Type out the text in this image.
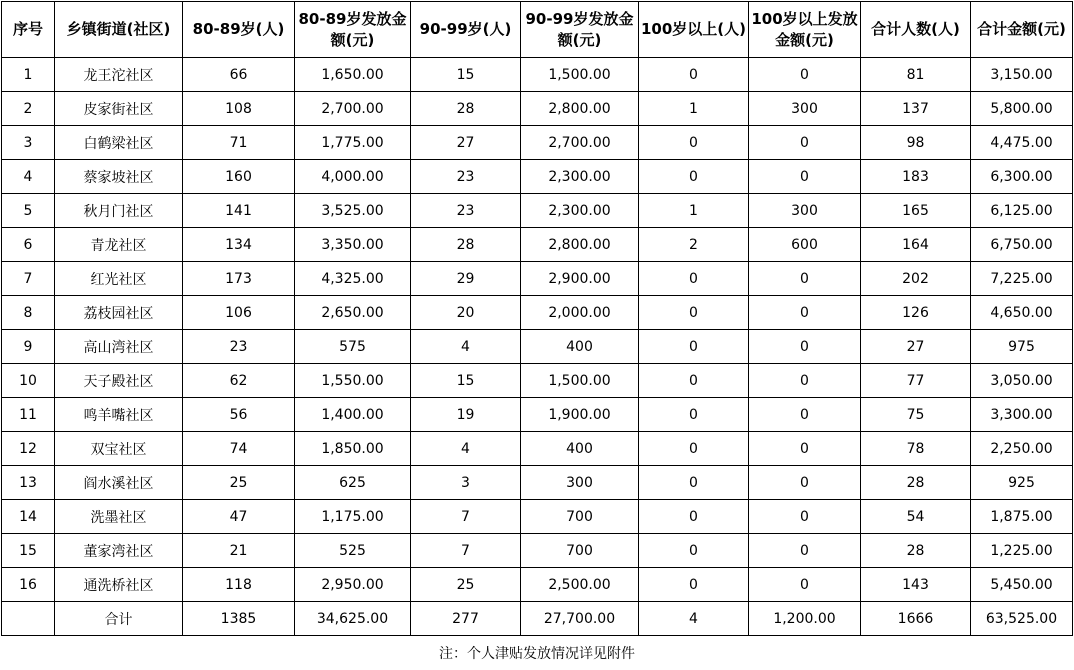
序号	乡镇街道(社区)	80-89岁(人)	80-89岁发放金额(元)	90-99岁(人)	90-99岁发放金额(元)	100岁以上(人)	100岁以上发放金额(元)	合计人数(人)	合计金额(元)
1	龙王沱社区	66	1,650.00	15	1,500.00	0	0	81	3,150.00
2	皮家街社区	108	2,700.00	28	2,800.00	1	300	137	5,800.00
3	白鹤梁社区	71	1,775.00	27	2,700.00	0	0	98	4,475.00
4	蔡家坡社区	160	4,000.00	23	2,300.00	0	0	183	6,300.00
5	秋月门社区	141	3,525.00	23	2,300.00	1	300	165	6,125.00
6	青龙社区	134	3,350.00	28	2,800.00	2	600	164	6,750.00
7	红光社区	173	4,325.00	29	2,900.00	0	0	202	7,225.00
8	荔枝园社区	106	2,650.00	20	2,000.00	0	0	126	4,650.00
9	高山湾社区	23	575	4	400	0	0	27	975
10	天子殿社区	62	1,550.00	15	1,500.00	0	0	77	3,050.00
11	鸣羊嘴社区	56	1,400.00	19	1,900.00	0	0	75	3,300.00
12	双宝社区	74	1,850.00	4	400	0	0	78	2,250.00
13	阎水溪社区	25	625	3	300	0	0	28	925
14	洗墨社区	47	1,175.00	7	700	0	0	54	1,875.00
15	董家湾社区	21	525	7	700	0	0	28	1,225.00
16	通洗桥社区	118	2,950.00	25	2,500.00	0	0	143	5,450.00
	合计	1385	34,625.00	277	27,700.00	4	1,200.00	1666	63,525.00
注：个人津贴发放情况详见附件
